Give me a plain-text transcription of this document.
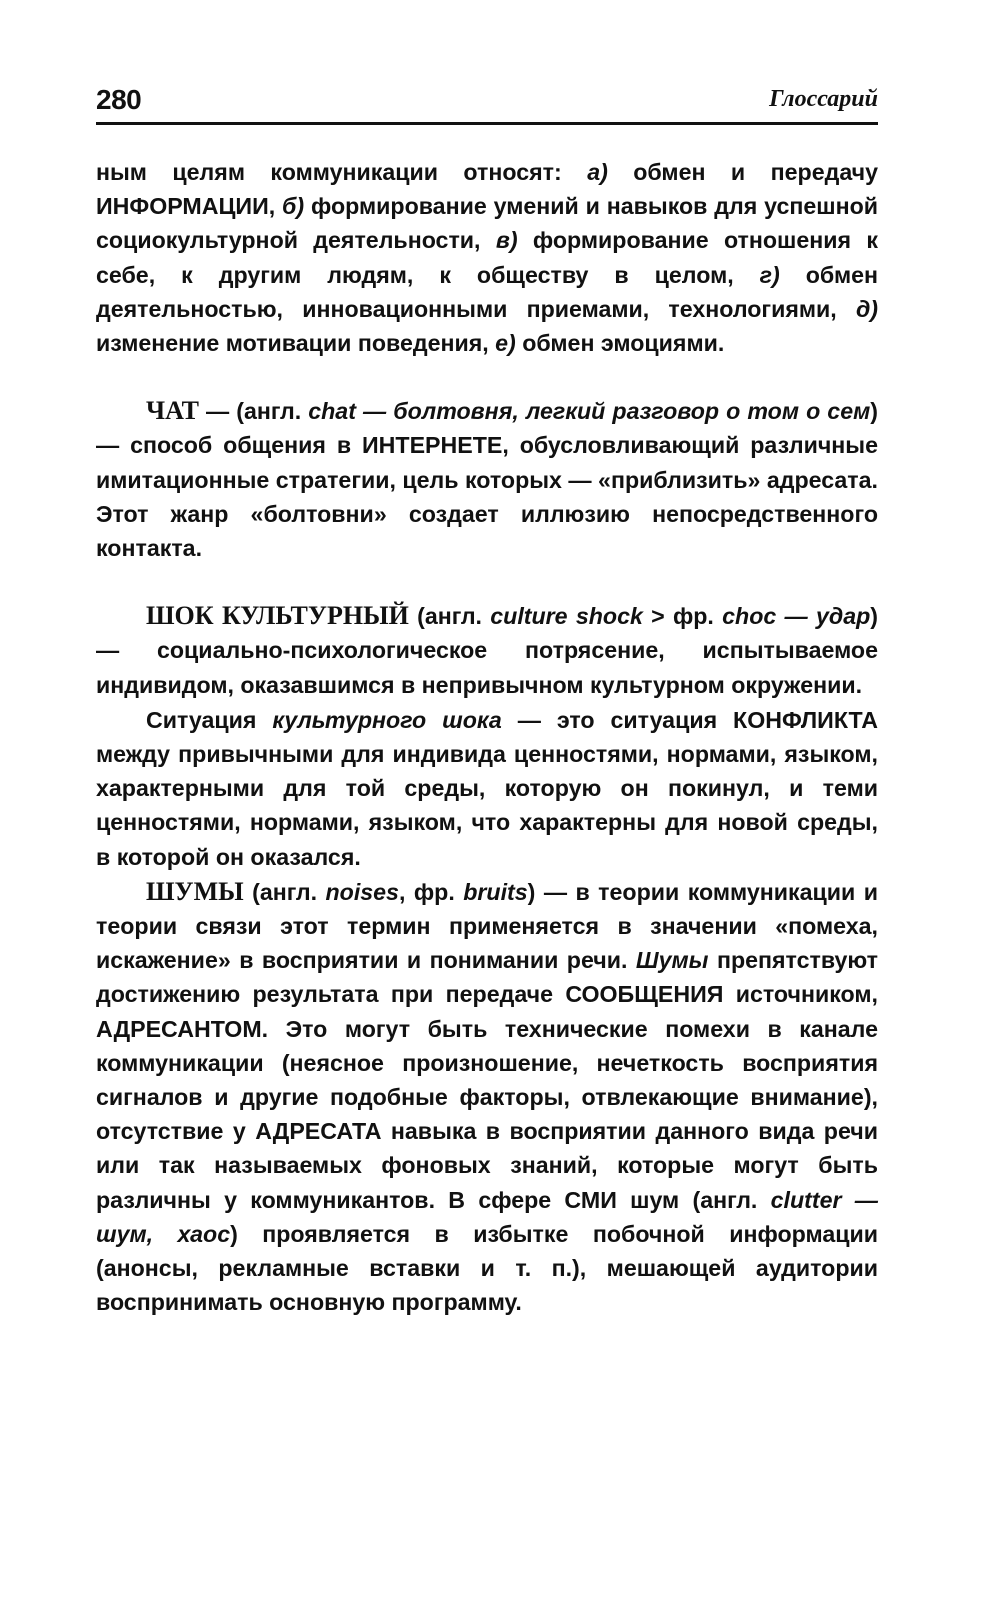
280	Глоссарий

ным целям коммуникации относят: а) обмен и передачу ИНФОРМАЦИИ, б) формирование умений и навыков для успешной социокультурной деятельности, в) формирование отношения к себе, к другим людям, к обществу в целом, г) обмен деятельностью, инновационными приемами, технологиями, д) изменение мотивации поведения, е) обмен эмоциями.

ЧАТ — (англ. chat — болтовня, легкий разговор о том о сем) — способ общения в ИНТЕРНЕТЕ, обусловливающий различные имитационные стратегии, цель которых — «приблизить» адресата. Этот жанр «болтовни» создает иллюзию непосредственного контакта.

ШОК КУЛЬТУРНЫЙ (англ. culture shock > фр. choc — удар) — социально-психологическое потрясение, испытываемое индивидом, оказавшимся в непривычном культурном окружении.

Ситуация культурного шока — это ситуация КОНФЛИКТА между привычными для индивида ценностями, нормами, языком, характерными для той среды, которую он покинул, и теми ценностями, нормами, языком, что характерны для новой среды, в которой он оказался.

ШУМЫ (англ. noises, фр. bruits) — в теории коммуникации и теории связи этот термин применяется в значении «помеха, искажение» в восприятии и понимании речи. Шумы препятствуют достижению результата при передаче СООБЩЕНИЯ источником, АДРЕСАНТОМ. Это могут быть технические помехи в канале коммуникации (неясное произношение, нечеткость восприятия сигналов и другие подобные факторы, отвлекающие внимание), отсутствие у АДРЕСАТА навыка в восприятии данного вида речи или так называемых фоновых знаний, которые могут быть различны у коммуникантов. В сфере СМИ шум (англ. clutter — шум, хаос) проявляется в избытке побочной информации (анонсы, рекламные вставки и т. п.), мешающей аудитории воспринимать основную программу.
